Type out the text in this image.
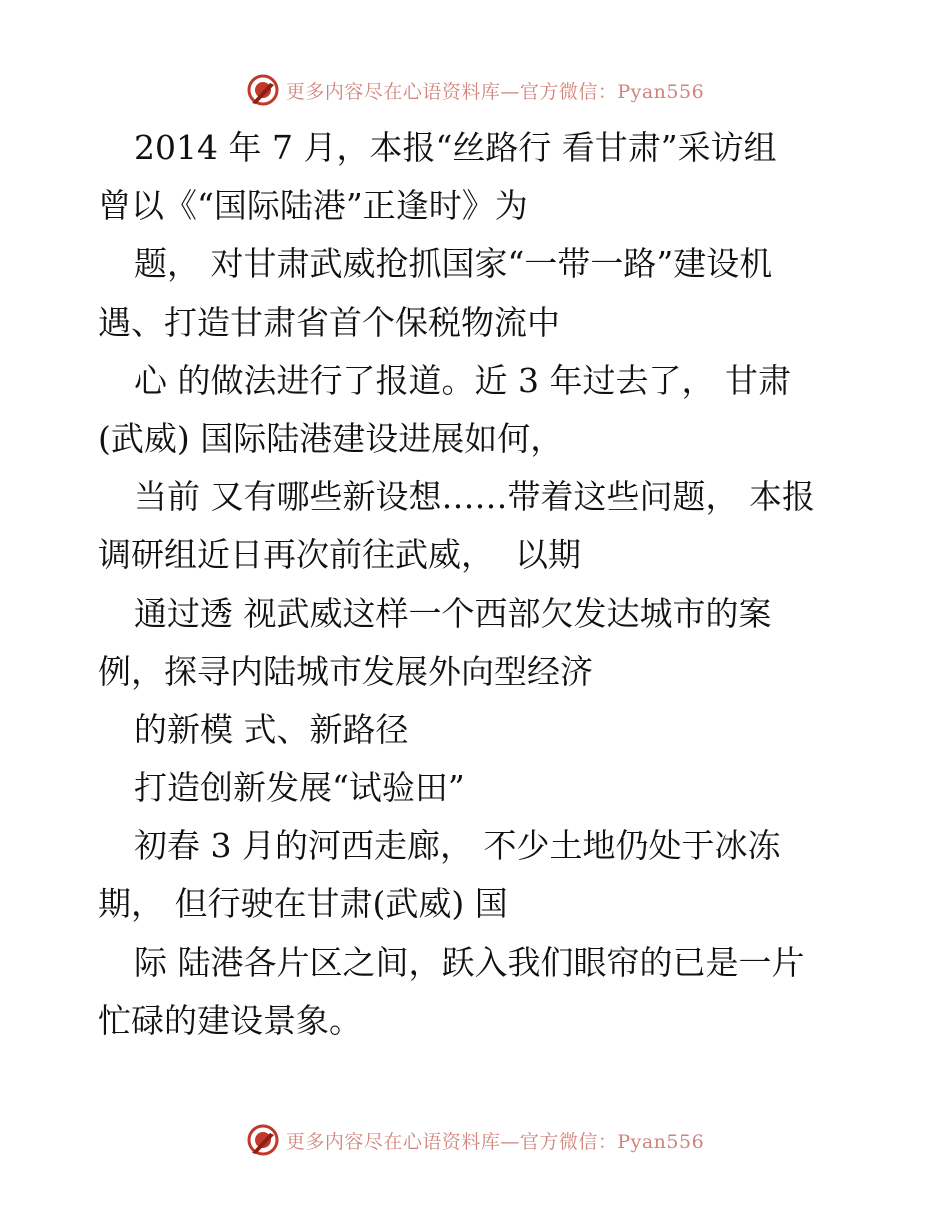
更多内容尽在心语资料库—官方微信：Pyan556
2014 年 7 月，本报“丝路行 看甘肃”采访组
曾以《“国际陆港”正逢时》为
题， 对甘肃武威抢抓国家“一带一路”建设机
遇、打造甘肃省首个保税物流中
心 的做法进行了报道。近 3 年过去了， 甘肃
(武威) 国际陆港建设进展如何，
当前 又有哪些新设想……带着这些问题， 本报
调研组近日再次前往武威，  以期
通过透 视武威这样一个西部欠发达城市的案
例，探寻内陆城市发展外向型经济
的新模 式、新路径
打造创新发展“试验田”
初春 3 月的河西走廊， 不少土地仍处于冰冻
期， 但行驶在甘肃(武威) 国
际 陆港各片区之间，跃入我们眼帘的已是一片
忙碌的建设景象。
更多内容尽在心语资料库—官方微信：Pyan556
